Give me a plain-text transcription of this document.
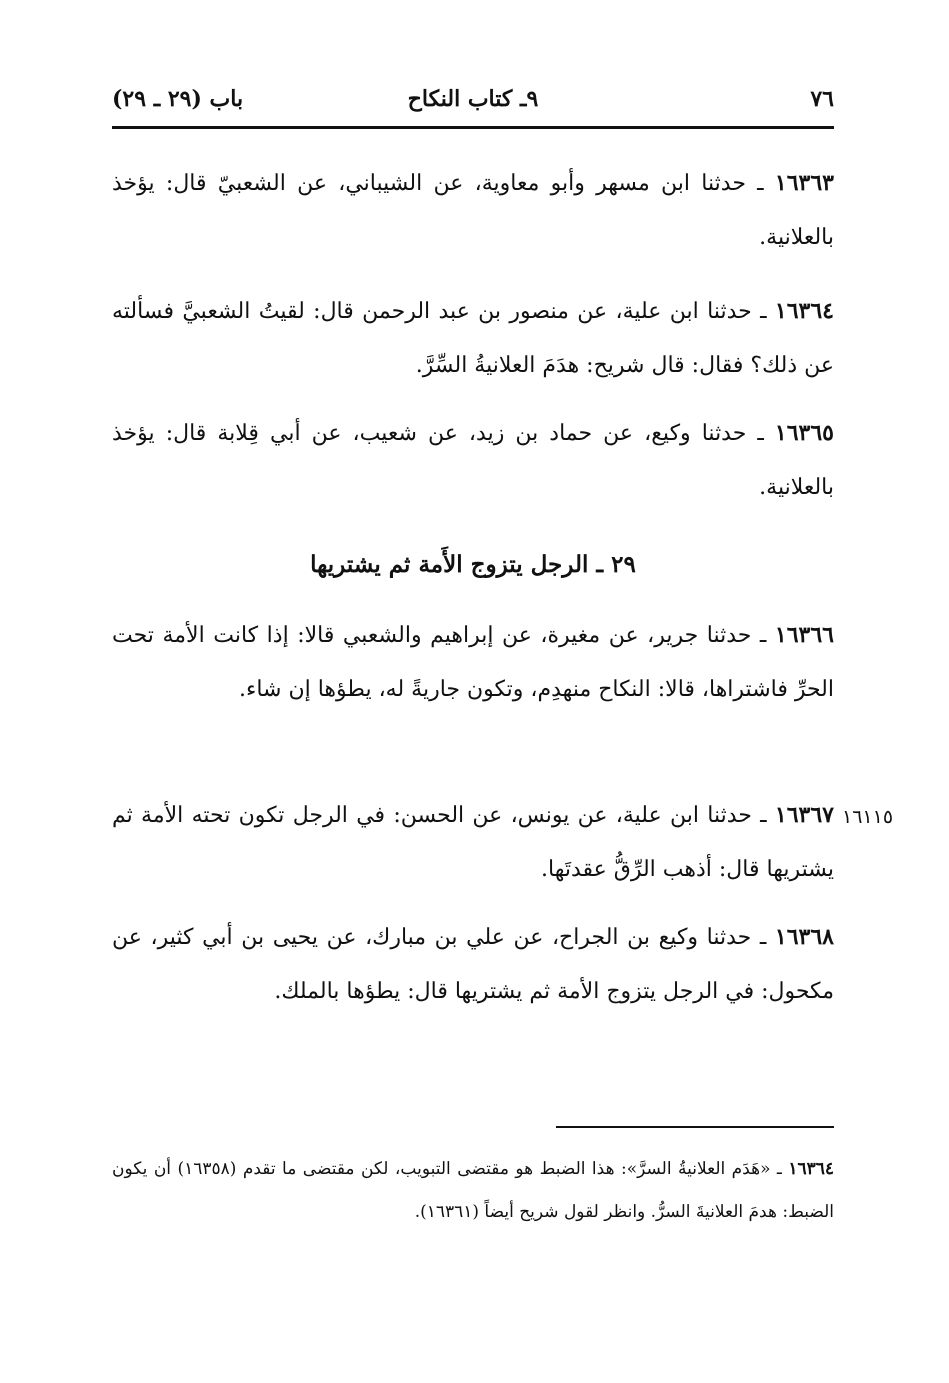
٧٦
٩ـ كتاب النكاح
باب (٢٩ ـ ٢٩)

١٦٣٦٣ ـ حدثنا ابن مسهر وأبو معاوية، عن الشيباني، عن الشعبيّ قال: يؤخذ بالعلانية.

١٦٣٦٤ ـ حدثنا ابن علية، عن منصور بن عبد الرحمن قال: لقيتُ الشعبيَّ فسألته عن ذلك؟ فقال: قال شريح: هدَمَ العلانيةُ السِّرَّ.

١٦٣٦٥ ـ حدثنا وكيع، عن حماد بن زيد، عن شعيب، عن أبي قِلابة قال: يؤخذ بالعلانية.

٢٩ ـ الرجل يتزوج الأَمة ثم يشتريها

١٦٣٦٦ ـ حدثنا جرير، عن مغيرة، عن إبراهيم والشعبي قالا: إذا كانت الأمة تحت الحرِّ فاشتراها، قالا: النكاح منهدِم، وتكون جاريةً له، يطؤها إن شاء.

١٦١١٥

١٦٣٦٧ ـ حدثنا ابن علية، عن يونس، عن الحسن: في الرجل تكون تحته الأمة ثم يشتريها قال: أذهب الرِّقُّ عقدتَها.

١٦٣٦٨ ـ حدثنا وكيع بن الجراح، عن علي بن مبارك، عن يحيى بن أبي كثير، عن مكحول: في الرجل يتزوج الأمة ثم يشتريها قال: يطؤها بالملك.

١٦٣٦٤ ـ «هَدَم العلانيةُ السرَّ»: هذا الضبط هو مقتضى التبويب، لكن مقتضى ما تقدم (١٦٣٥٨) أن يكون الضبط: هدمَ العلانيةَ السرُّ. وانظر لقول شريح أيضاً (١٦٣٦١).
